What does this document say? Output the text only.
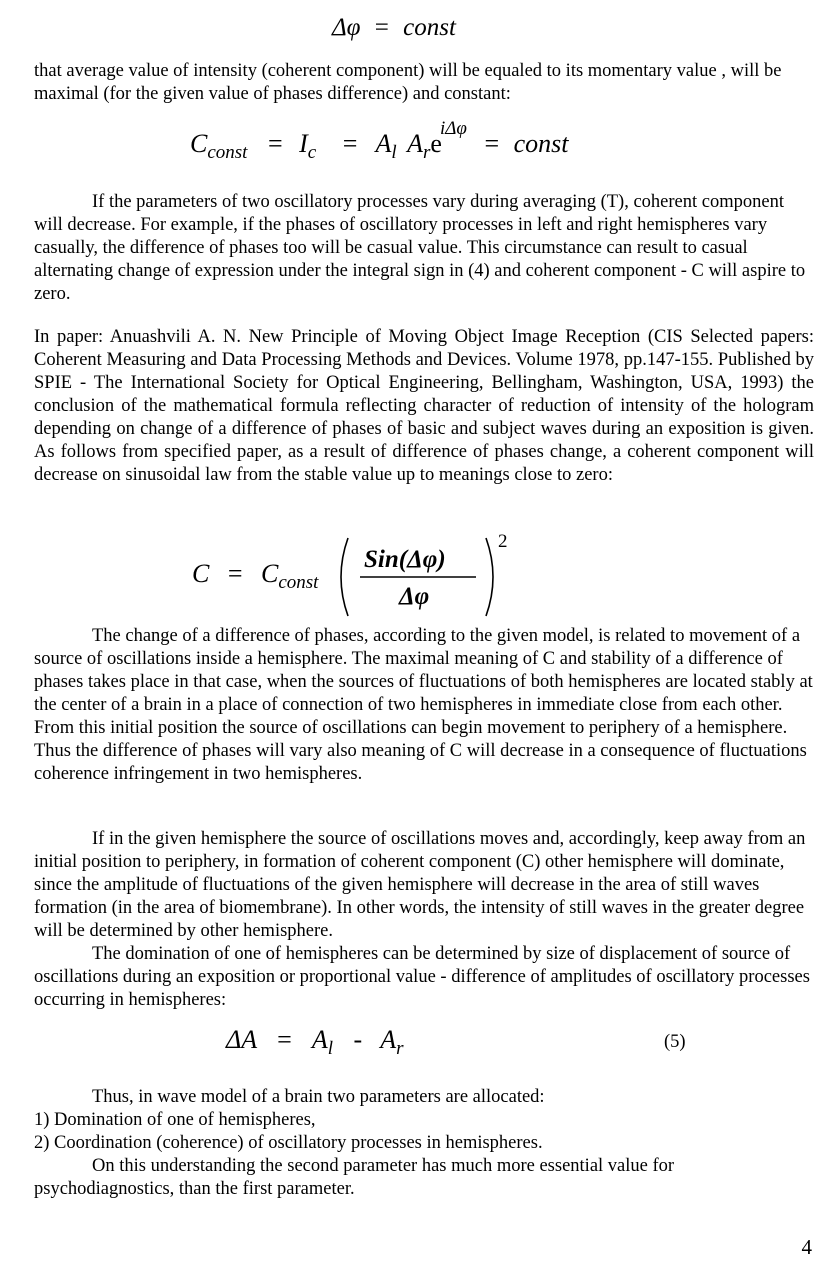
Δφ = const

that average value of intensity (coherent component) will be equaled to its momentary value , will be maximal (for the given value of phases difference) and constant:

$C_{const} = I_c = A_l$ $A_re$ = const
iΔφ

If the parameters of two oscillatory processes vary during averaging (T), coherent component will decrease. For example, if the phases of oscillatory processes in left and right hemispheres vary casually, the difference of phases too will be casual value. This circumstance can result to casual alternating change of expression under the integral sign in (4) and coherent component - C will aspire to zero.

In paper: Anuashvili A. N. New Principle of Moving Object Image Reception (CIS Selected papers: Coherent Measuring and Data Processing Methods and Devices. Volume 1978, pp.147-155. Published by SPIE - The International Society for Optical Engineering, Bellingham, Washington, USA, 1993) the conclusion of the mathematical formula reflecting character of reduction of intensity of the hologram depending on change of a difference of phases of basic and subject waves during an exposition is given. As follows from specified paper, as a result of difference of phases change, a coherent component will decrease on sinusoidal law from the stable value up to meanings close to zero:

$C = C_{const}$
Sin(Δφ)
Δφ
2

The change of a difference of phases, according to the given model, is related to movement of a source of oscillations inside a hemisphere. The maximal meaning of C and stability of a difference of phases takes place in that case, when the sources of fluctuations of both hemispheres are located stably at the center of a brain in a place of connection of two hemispheres in immediate close from each other. From this initial position the source of oscillations can begin movement to periphery of a hemisphere. Thus the difference of phases will vary also meaning of C will decrease in a consequence of fluctuations coherence infringement in two hemispheres.

If in the given hemisphere the source of oscillations moves and, accordingly, keep away from an initial position to periphery, in formation of coherent component (C) other hemisphere will dominate, since the amplitude of fluctuations of the given hemisphere will decrease in the area of still waves formation (in the area of biomembrane). In other words, the intensity of still waves in the greater degree will be determined by other hemisphere.

The domination of one of hemispheres can be determined by size of displacement of source of oscillations during an exposition or proportional value - difference of amplitudes of oscillatory processes occurring in hemispheres:

$\Delta A = A_l - A_r$	(5)

Thus, in wave model of a brain two parameters are allocated:

1) Domination of one of hemispheres,

2) Coordination (coherence) of oscillatory processes in hemispheres.

On this understanding the second parameter has much more essential value for psychodiagnostics, than the first parameter.

4
